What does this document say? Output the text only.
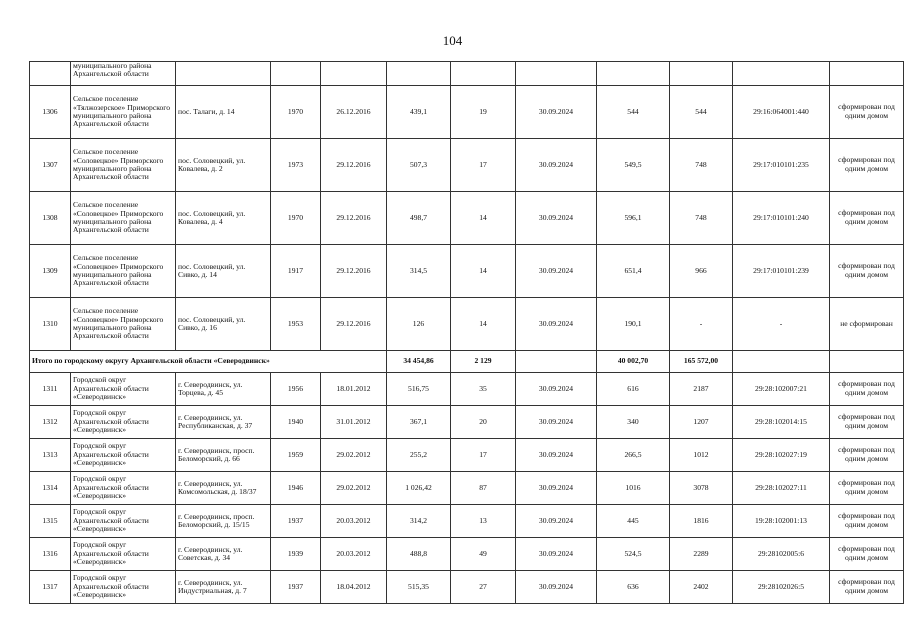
104
	муниципального района Архангельской области										
1306	Сельское поселение «Тялжозерское» Приморского муниципального района Архангельской области	пос. Талаги, д. 14	1970	26.12.2016	439,1	19	30.09.2024	544	544	29:16:064001:440	сформирован под одним домом
1307	Сельское поселение «Соловецкое» Приморского муниципального района Архангельской области	пос. Соловецкий, ул. Ковалева, д. 2	1973	29.12.2016	507,3	17	30.09.2024	549,5	748	29:17:010101:235	сформирован под одним домом
1308	Сельское поселение «Соловецкое» Приморского муниципального района Архангельской области	пос. Соловецкий, ул. Ковалева, д. 4	1970	29.12.2016	498,7	14	30.09.2024	596,1	748	29:17:010101:240	сформирован под одним домом
1309	Сельское поселение «Соловецкое» Приморского муниципального района Архангельской области	пос. Соловецкий, ул. Сивко, д. 14	1917	29.12.2016	314,5	14	30.09.2024	651,4	966	29:17:010101:239	сформирован под одним домом
1310	Сельское поселение «Соловецкое» Приморского муниципального района Архангельской области	пос. Соловецкий, ул. Сивко, д. 16	1953	29.12.2016	126	14	30.09.2024	190,1	-	-	не сформирован
Итого по городскому округу Архангельской области «Северодвинск»					34 454,86	2 129		40 002,70	165 572,00		
1311	Городской округ Архангельской области «Северодвинск»	г. Северодвинск, ул. Торцева, д. 45	1956	18.01.2012	516,75	35	30.09.2024	616	2187	29:28:102007:21	сформирован под одним домом
1312	Городской округ Архангельской области «Северодвинск»	г. Северодвинск, ул. Республиканская, д. 37	1940	31.01.2012	367,1	20	30.09.2024	340	1207	29:28:102014:15	сформирован под одним домом
1313	Городской округ Архангельской области «Северодвинск»	г. Северодвинск, просп. Беломорский, д. 66	1959	29.02.2012	255,2	17	30.09.2024	266,5	1012	29:28:102027:19	сформирован под одним домом
1314	Городской округ Архангельской области «Северодвинск»	г. Северодвинск, ул. Комсомольская, д. 18/37	1946	29.02.2012	1 026,42	87	30.09.2024	1016	3078	29:28:102027:11	сформирован под одним домом
1315	Городской округ Архангельской области «Северодвинск»	г. Северодвинск, просп. Беломорский, д. 15/15	1937	20.03.2012	314,2	13	30.09.2024	445	1816	19:28:102001:13	сформирован под одним домом
1316	Городской округ Архангельской области «Северодвинск»	г. Северодвинск, ул. Советская, д. 34	1939	20.03.2012	488,8	49	30.09.2024	524,5	2289	29:28102005:6	сформирован под одним домом
1317	Городской округ Архангельской области «Северодвинск»	г. Северодвинск, ул. Индустриальная, д. 7	1937	18.04.2012	515,35	27	30.09.2024	636	2402	29:28102026:5	сформирован под одним домом
